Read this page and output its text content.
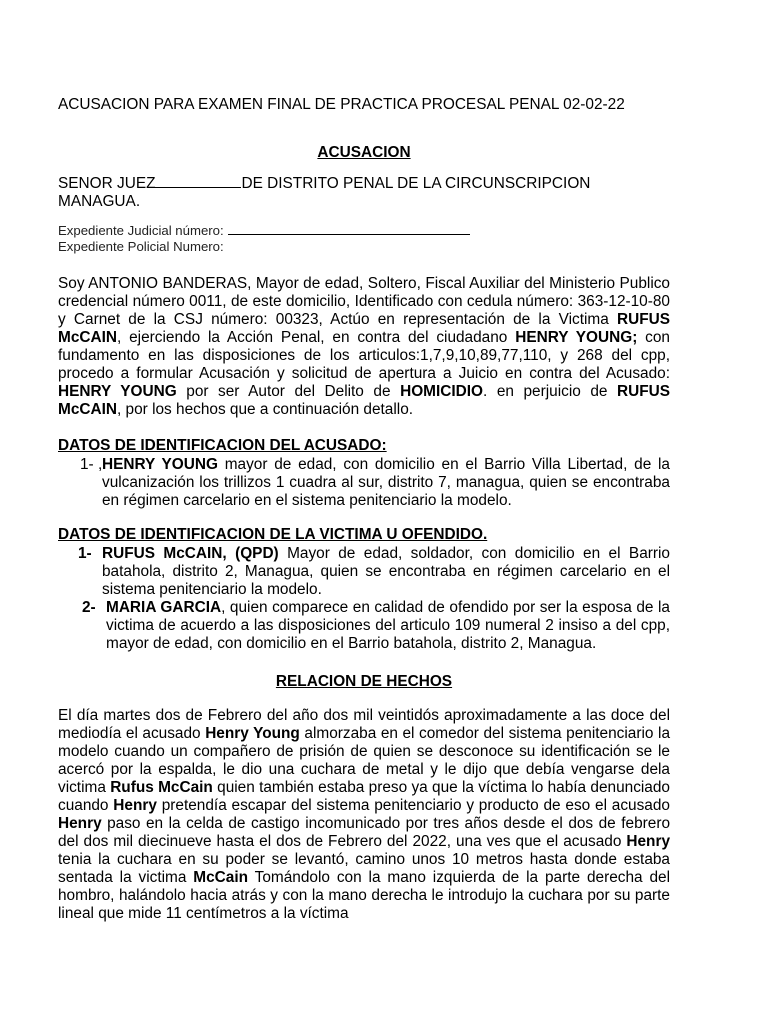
ACUSACION PARA EXAMEN FINAL DE PRACTICA PROCESAL PENAL 02-02-22

ACUSACION

SENOR JUEZ	DE DISTRITO PENAL DE LA CIRCUNSCRIPCION MANAGUA.

Expediente Judicial número:

Expediente Policial Numero:

Soy ANTONIO BANDERAS, Mayor de edad, Soltero, Fiscal Auxiliar del Ministerio Publico credencial número 0011, de este domicilio, Identificado con cedula número: 363-12-10-80 y Carnet de la CSJ número: 00323, Actúo en representación de la Victima RUFUS McCAIN, ejerciendo la Acción Penal, en contra del ciudadano HENRY YOUNG; con fundamento en las disposiciones de los articulos:1,7,9,10,89,77,110, y 268 del cpp, procedo a formular Acusación y solicitud de apertura a Juicio en contra del Acusado: HENRY YOUNG por ser Autor del Delito de HOMICIDIO. en perjuicio de RUFUS McCAIN, por los hechos que a continuación detallo.

DATOS DE IDENTIFICACION DEL ACUSADO:

1- , HENRY YOUNG mayor de edad, con domicilio en el Barrio Villa Libertad, de la vulcanización los trillizos 1 cuadra al sur, distrito 7, managua, quien se encontraba en régimen carcelario en el sistema penitenciario la modelo.

DATOS DE IDENTIFICACION DE LA VICTIMA U OFENDIDO.

1- RUFUS McCAIN, (QPD) Mayor de edad, soldador, con domicilio en el Barrio batahola, distrito 2, Managua, quien se encontraba en régimen carcelario en el sistema penitenciario la modelo.
2- MARIA GARCIA, quien comparece en calidad de ofendido por ser la esposa de la victima de acuerdo a las disposiciones del articulo 109 numeral 2 insiso a del cpp, mayor de edad, con domicilio en el Barrio batahola, distrito 2, Managua.

RELACION DE HECHOS

El día martes dos de Febrero del año dos mil veintidós aproximadamente a las doce del mediodía el acusado Henry Young almorzaba en el comedor del sistema penitenciario la modelo cuando un compañero de prisión de quien se desconoce su identificación se le acercó por la espalda, le dio una cuchara de metal y le dijo que debía vengarse dela victima Rufus McCain quien también estaba preso ya que la víctima lo había denunciado cuando Henry pretendía escapar del sistema penitenciario y producto de eso el acusado Henry paso en la celda de castigo incomunicado por tres años desde el dos de febrero del dos mil diecinueve hasta el dos de Febrero del 2022, una ves que el acusado Henry tenia la cuchara en su poder se levantó, camino unos 10 metros hasta donde estaba sentada la victima McCain Tomándolo con la mano izquierda de la parte derecha del hombro, halándolo hacia atrás y con la mano derecha le introdujo la cuchara por su parte lineal que mide 11 centímetros a la víctima
